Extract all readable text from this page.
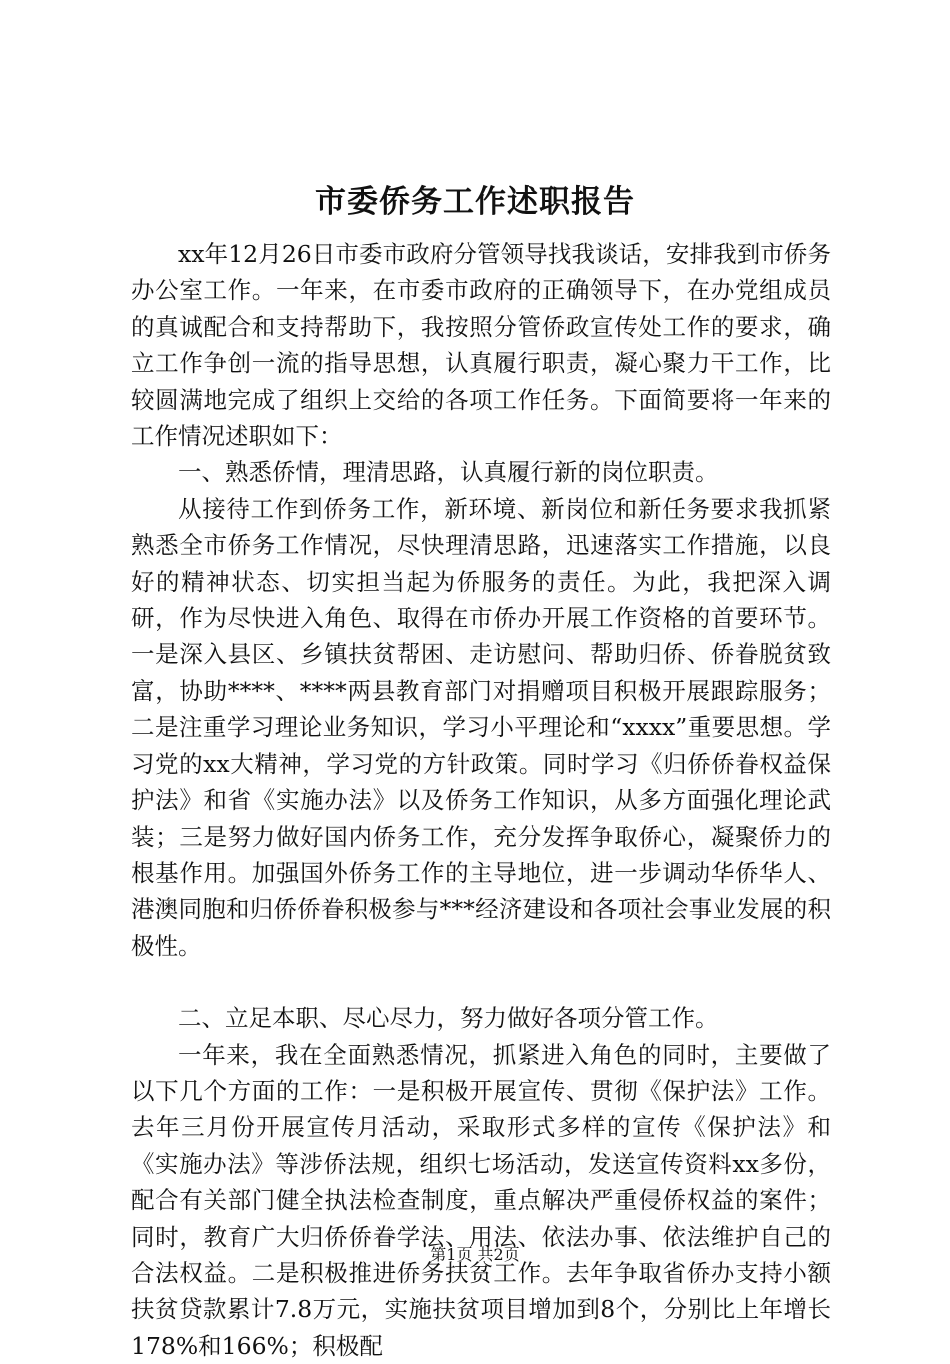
市委侨务工作述职报告

xx年12月26日市委市政府分管领导找我谈话，安排我到市侨务办公室工作。一年来，在市委市政府的正确领导下，在办党组成员的真诚配合和支持帮助下，我按照分管侨政宣传处工作的要求，确立工作争创一流的指导思想，认真履行职责，凝心聚力干工作，比较圆满地完成了组织上交给的各项工作任务。下面简要将一年来的工作情况述职如下：

一、熟悉侨情，理清思路，认真履行新的岗位职责。

从接待工作到侨务工作，新环境、新岗位和新任务要求我抓紧熟悉全市侨务工作情况，尽快理清思路，迅速落实工作措施，以良好的精神状态、切实担当起为侨服务的责任。为此，我把深入调研，作为尽快进入角色、取得在市侨办开展工作资格的首要环节。一是深入县区、乡镇扶贫帮困、走访慰问、帮助归侨、侨眷脱贫致富，协助****、****两县教育部门对捐赠项目积极开展跟踪服务；二是注重学习理论业务知识，学习小平理论和“xxxx”重要思想。学习党的xx大精神，学习党的方针政策。同时学习《归侨侨眷权益保护法》和省《实施办法》以及侨务工作知识，从多方面强化理论武装；三是努力做好国内侨务工作，充分发挥争取侨心，凝聚侨力的根基作用。加强国外侨务工作的主导地位，进一步调动华侨华人、港澳同胞和归侨侨眷积极参与***经济建设和各项社会事业发展的积极性。

二、立足本职、尽心尽力，努力做好各项分管工作。

一年来，我在全面熟悉情况，抓紧进入角色的同时，主要做了以下几个方面的工作：一是积极开展宣传、贯彻《保护法》工作。去年三月份开展宣传月活动，采取形式多样的宣传《保护法》和《实施办法》等涉侨法规，组织七场活动，发送宣传资料xx多份，配合有关部门健全执法检查制度，重点解决严重侵侨权益的案件；同时，教育广大归侨侨眷学法、用法、依法办事、依法维护自己的合法权益。二是积极推进侨务扶贫工作。去年争取省侨办支持小额扶贫贷款累计7.8万元，实施扶贫项目增加到8个，分别比上年增长178%和166%；积极配

第1页 共2页
